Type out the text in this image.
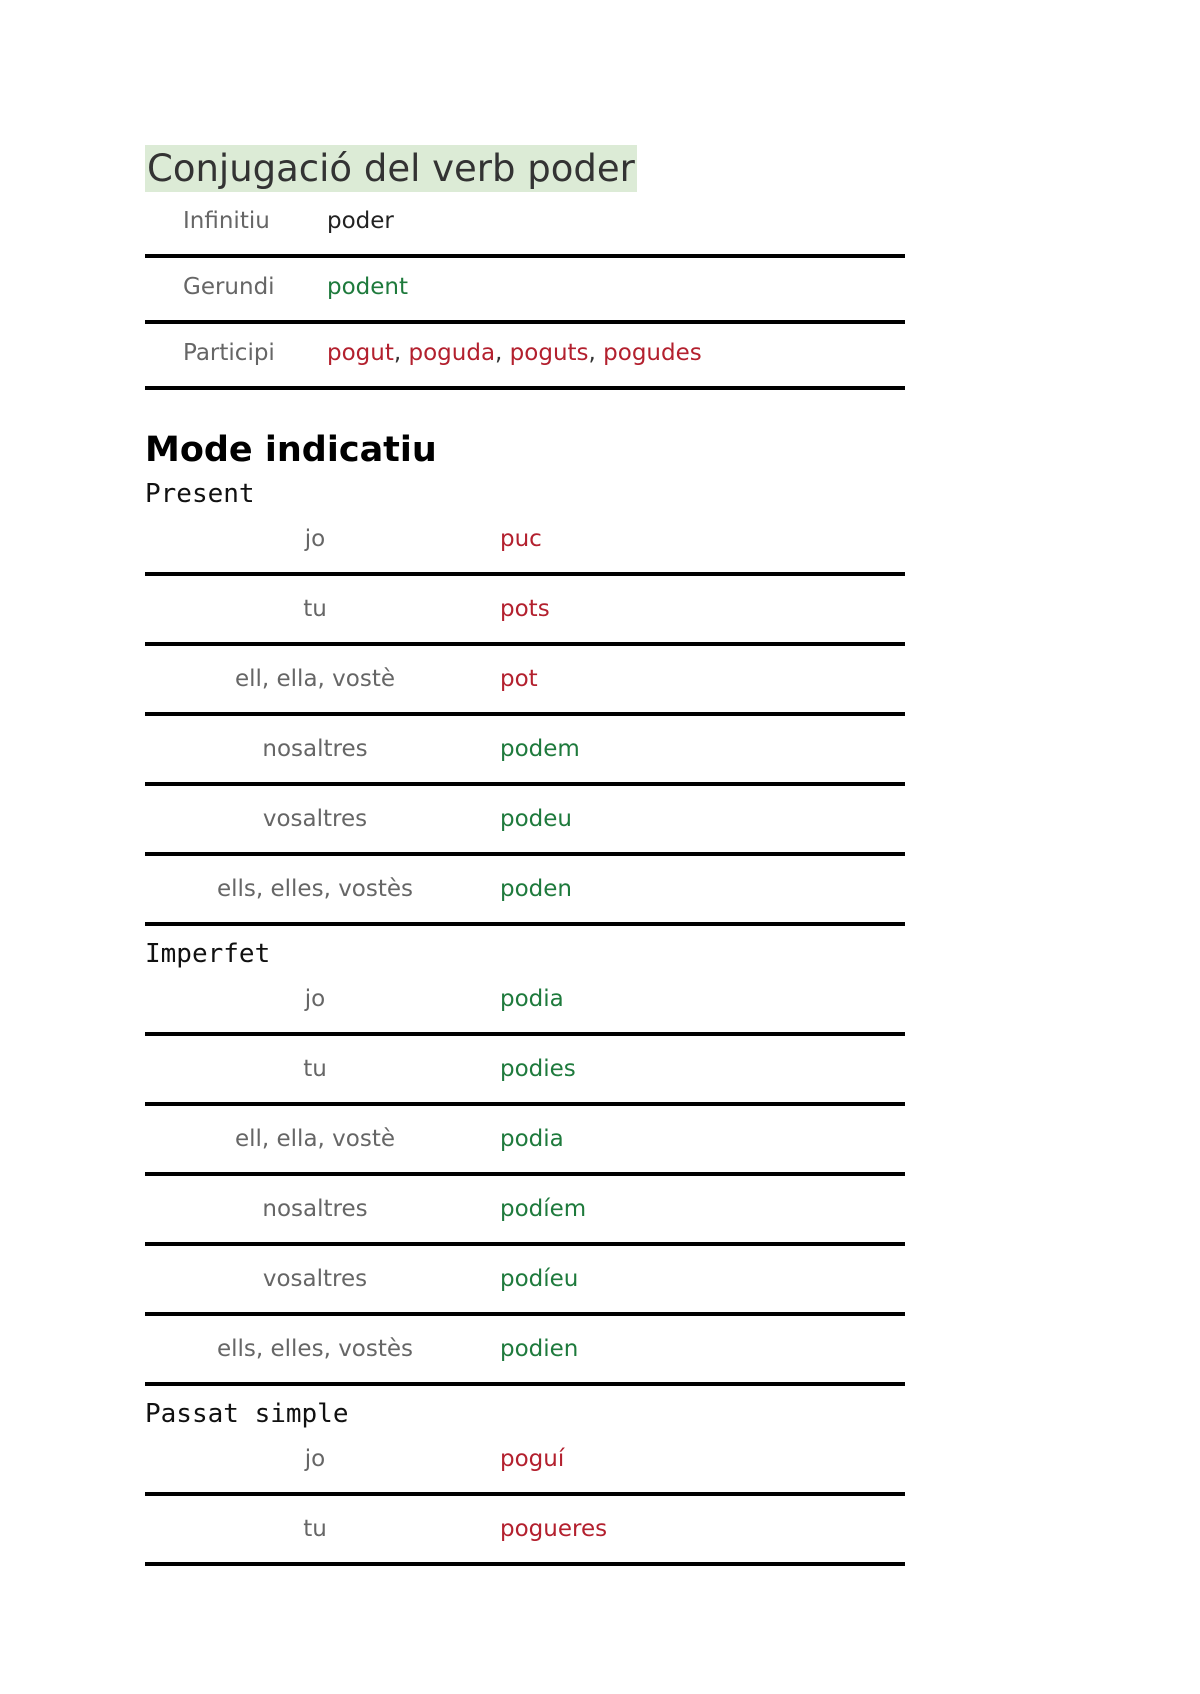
Conjugació del verb poder
Infinitiu poder
Gerundi podent
Participi pogut, poguda, poguts, pogudes
Mode indicatiu
Present
jo	puc
tu	pots
ell, ella, vostè	pot
nosaltres	podem
vosaltres	podeu
ells, elles, vostès	poden
Imperfet
jo	podia
tu	podies
ell, ella, vostè	podia
nosaltres	podíem
vosaltres	podíeu
ells, elles, vostès	podien
Passat simple
jo	poguí
tu	pogueres
